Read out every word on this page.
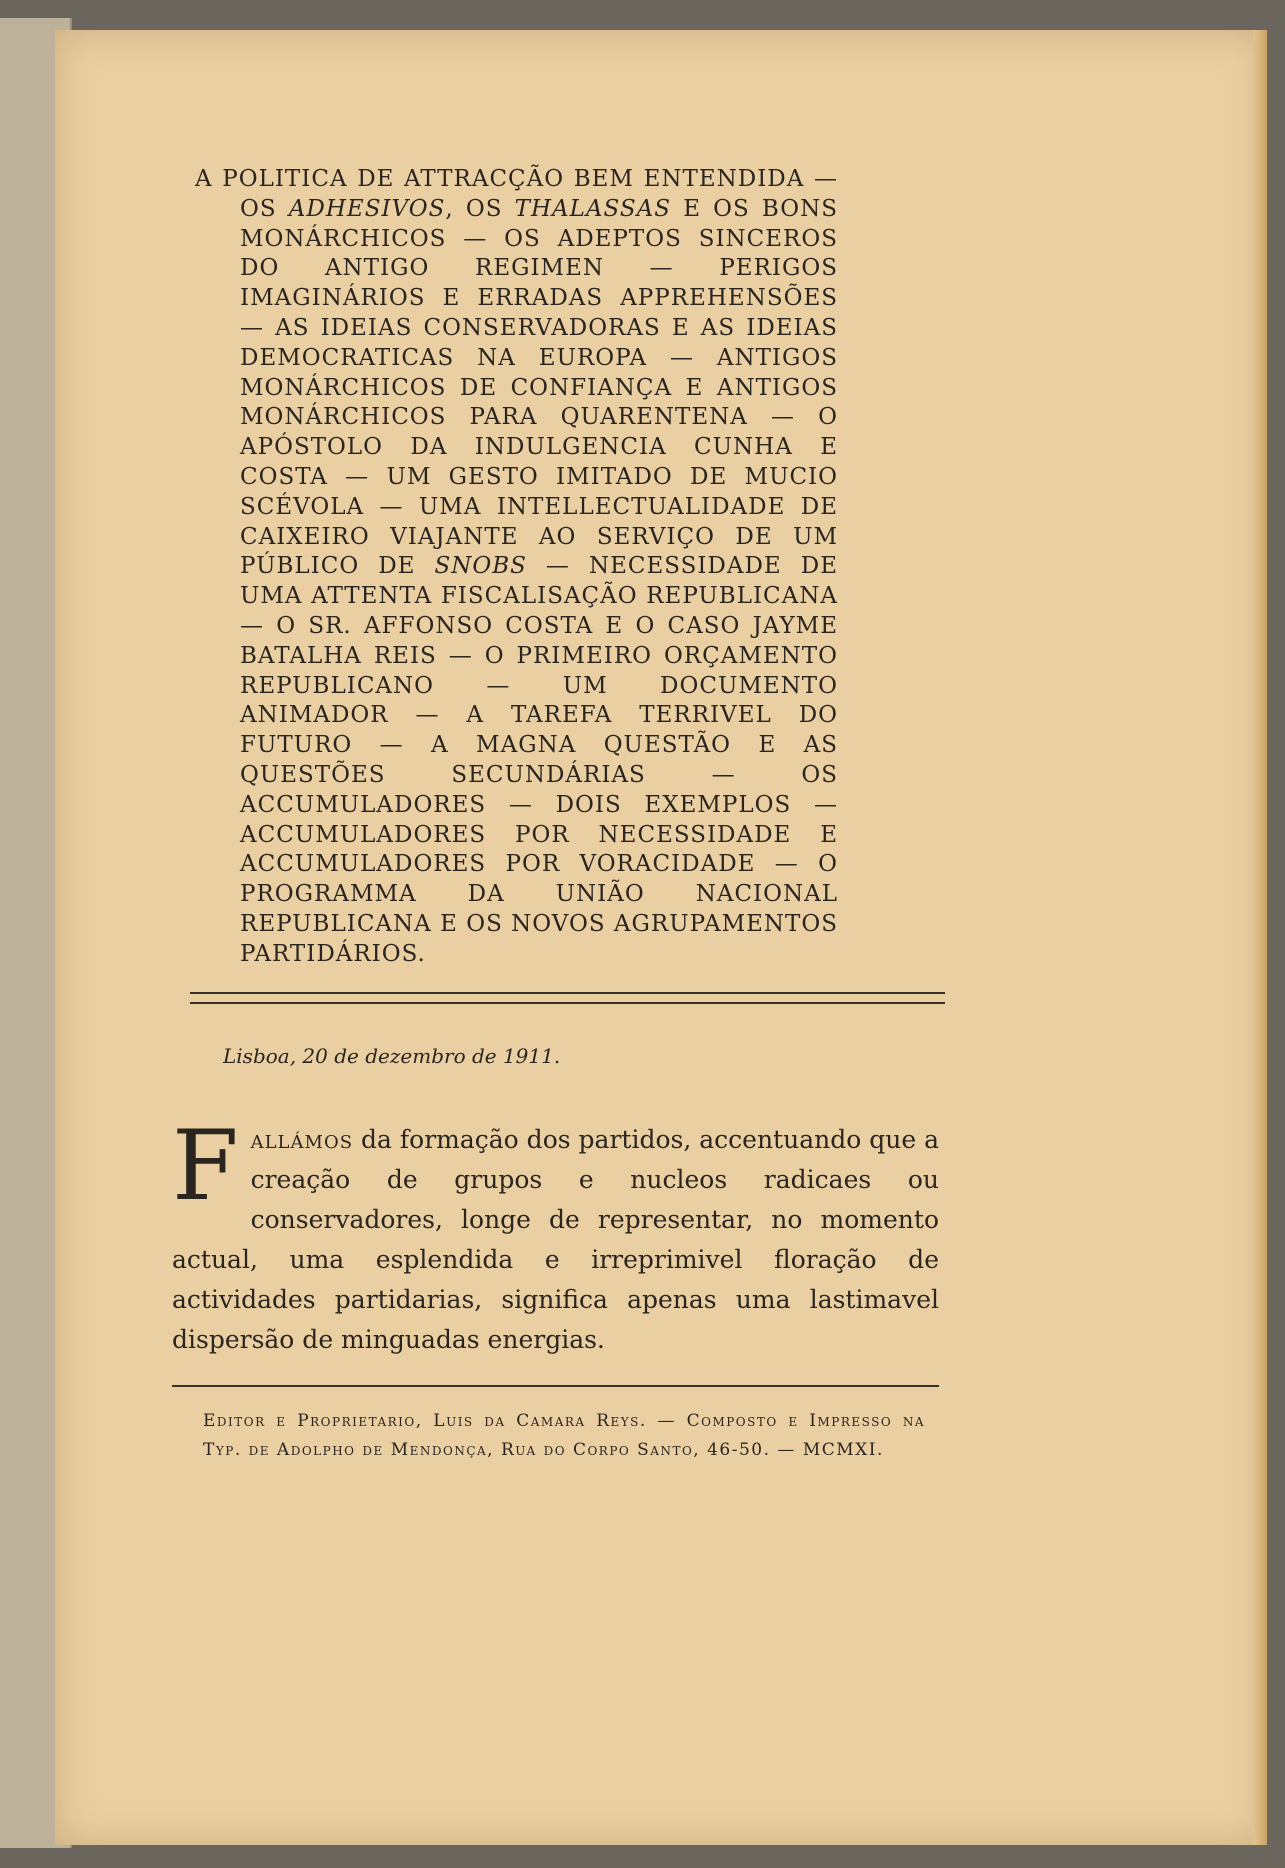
A POLITICA DE ATTRACÇÃO BEM ENTENDIDA — OS ADHESIVOS, OS THALASSAS E OS BONS MONÁRCHICOS — OS ADEPTOS SINCEROS DO ANTIGO REGIMEN — PERIGOS IMAGINÁRIOS E ERRADAS APPREHENSÕES — AS IDEIAS CONSERVADORAS E AS IDEIAS DEMOCRATICAS NA EUROPA — ANTIGOS MONÁRCHICOS DE CONFIANÇA E ANTIGOS MONÁRCHICOS PARA QUARENTENA — O APÓSTOLO DA INDULGENCIA CUNHA E COSTA — UM GESTO IMITADO DE MUCIO SCÉVOLA — UMA INTELLECTUALIDADE DE CAIXEIRO VIAJANTE AO SERVIÇO DE UM PÚBLICO DE SNOBS — NECESSIDADE DE UMA ATTENTA FISCALISAÇÃO REPUBLICANA — O SR. AFFONSO COSTA E O CASO JAYME BATALHA REIS — O PRIMEIRO ORÇAMENTO REPUBLICANO — UM DOCUMENTO ANIMADOR — A TAREFA TERRIVEL DO FUTURO — A MAGNA QUESTÃO E AS QUESTÕES SECUNDÁRIAS — OS ACCUMULADORES — DOIS EXEMPLOS — ACCUMULADORES POR NECESSIDADE E ACCUMULADORES POR VORACIDADE — O PROGRAMMA DA UNIÃO NACIONAL REPUBLICANA E OS NOVOS AGRUPAMENTOS PARTIDÁRIOS.

Lisboa, 20 de dezembro de 1911.

Fallámos da formação dos partidos, accentuando que a creação de grupos e nucleos radicaes ou conservadores, longe de representar, no momento actual, uma esplendida e irreprimivel floração de actividades partidarias, significa apenas uma lastimavel dispersão de minguadas energias.

Editor e Proprietario, Luis da Camara Reys. — Composto e Impresso na Typ. de Adolpho de Mendonça, Rua do Corpo Santo, 46-50. — MCMXI.
